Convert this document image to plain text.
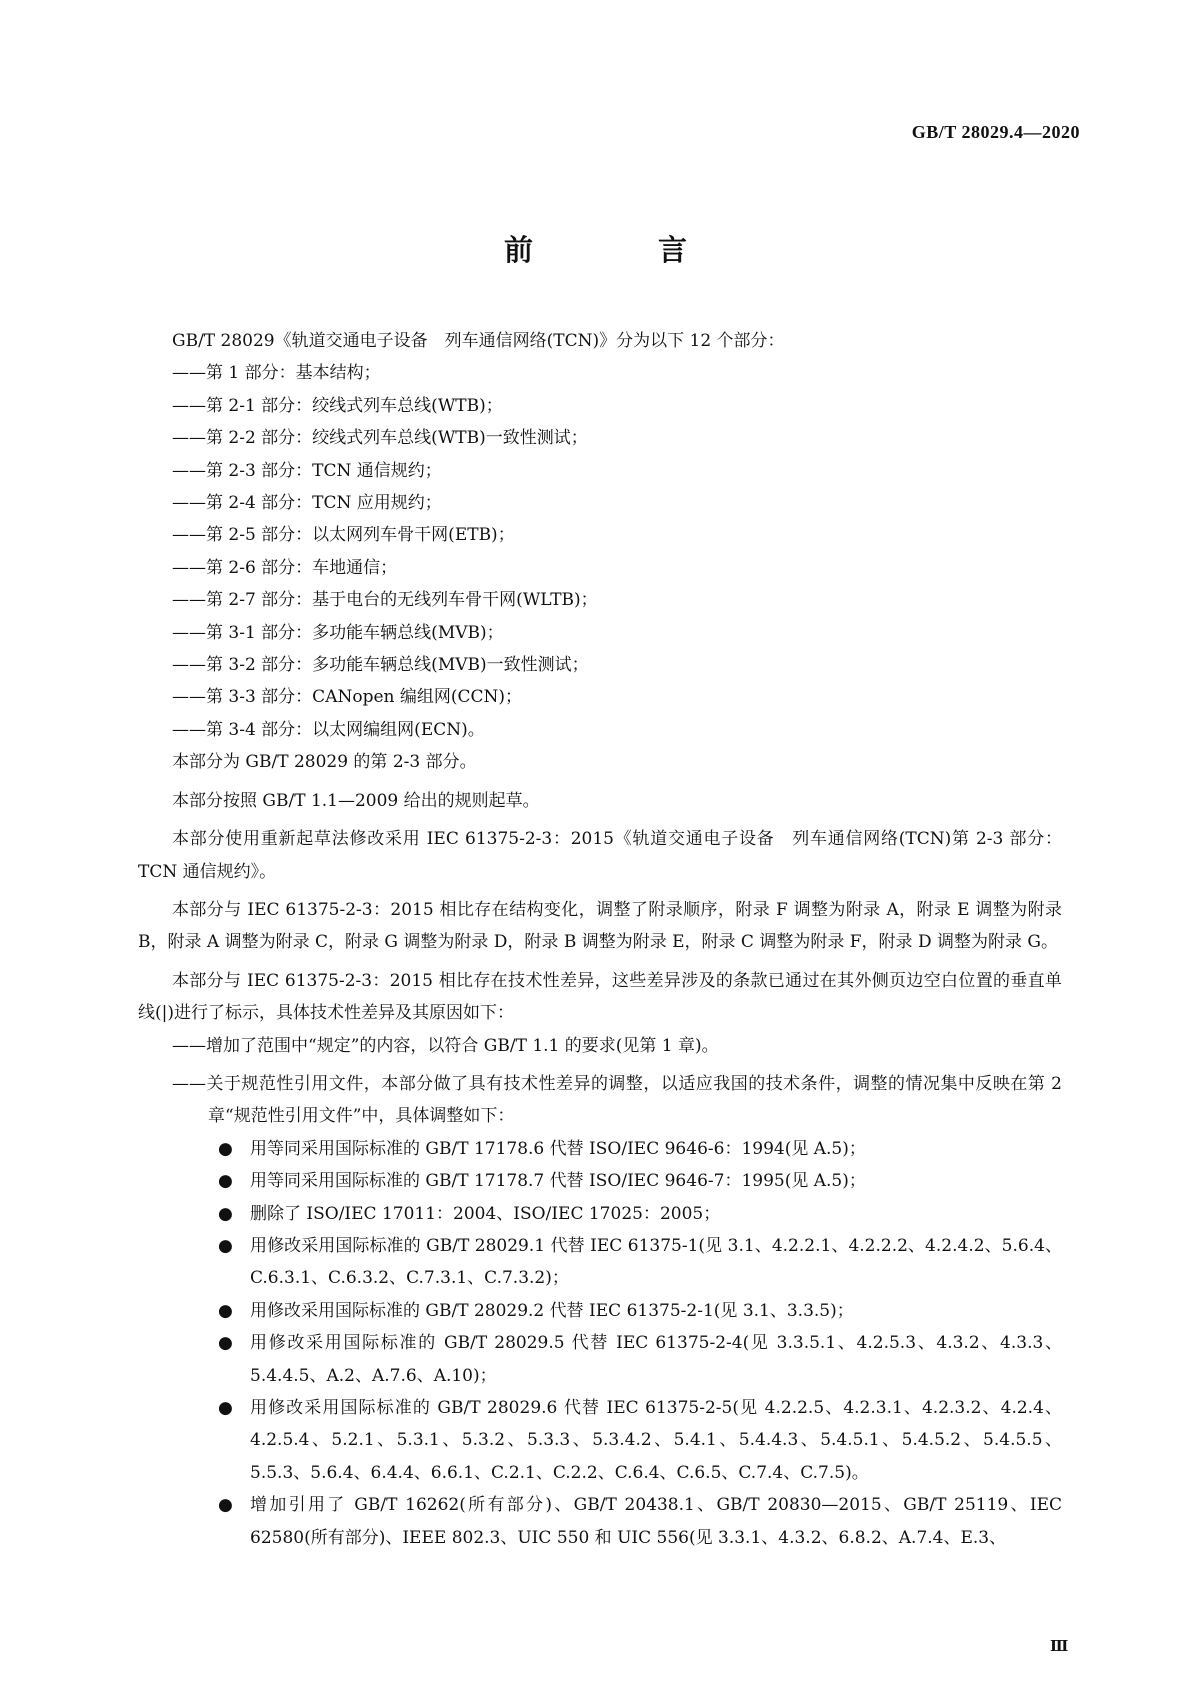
GB/T 28029.4—2020
前　言

GB/T 28029《轨道交通电子设备　列车通信网络(TCN)》分为以下 12 个部分：

——第 1 部分：基本结构；

——第 2-1 部分：绞线式列车总线(WTB)；

——第 2-2 部分：绞线式列车总线(WTB)一致性测试；

——第 2-3 部分：TCN 通信规约；

——第 2-4 部分：TCN 应用规约；

——第 2-5 部分：以太网列车骨干网(ETB)；

——第 2-6 部分：车地通信；

——第 2-7 部分：基于电台的无线列车骨干网(WLTB)；

——第 3-1 部分：多功能车辆总线(MVB)；

——第 3-2 部分：多功能车辆总线(MVB)一致性测试；

——第 3-3 部分：CANopen 编组网(CCN)；

——第 3-4 部分：以太网编组网(ECN)。

本部分为 GB/T 28029 的第 2-3 部分。

本部分按照 GB/T 1.1—2009 给出的规则起草。

本部分使用重新起草法修改采用 IEC 61375-2-3：2015《轨道交通电子设备　列车通信网络(TCN)第 2-3 部分：TCN 通信规约》。

本部分与 IEC 61375-2-3：2015 相比存在结构变化，调整了附录顺序，附录 F 调整为附录 A，附录 E 调整为附录 B，附录 A 调整为附录 C，附录 G 调整为附录 D，附录 B 调整为附录 E，附录 C 调整为附录 F，附录 D 调整为附录 G。

本部分与 IEC 61375-2-3：2015 相比存在技术性差异，这些差异涉及的条款已通过在其外侧页边空白位置的垂直单线(|)进行了标示，具体技术性差异及其原因如下：

——增加了范围中“规定”的内容，以符合 GB/T 1.1 的要求(见第 1 章)。

——关于规范性引用文件，本部分做了具有技术性差异的调整，以适应我国的技术条件，调整的情况集中反映在第 2 章“规范性引用文件”中，具体调整如下：

● 用等同采用国际标准的 GB/T 17178.6 代替 ISO/IEC 9646-6：1994(见 A.5)；
● 用等同采用国际标准的 GB/T 17178.7 代替 ISO/IEC 9646-7：1995(见 A.5)；
● 删除了 ISO/IEC 17011：2004、ISO/IEC 17025：2005；
● 用修改采用国际标准的 GB/T 28029.1 代替 IEC 61375-1(见 3.1、4.2.2.1、4.2.2.2、4.2.4.2、5.6.4、C.6.3.1、C.6.3.2、C.7.3.1、C.7.3.2)；
● 用修改采用国际标准的 GB/T 28029.2 代替 IEC 61375-2-1(见 3.1、3.3.5)；
● 用修改采用国际标准的 GB/T 28029.5 代替 IEC 61375-2-4(见 3.3.5.1、4.2.5.3、4.3.2、4.3.3、5.4.4.5、A.2、A.7.6、A.10)；
● 用修改采用国际标准的 GB/T 28029.6 代替 IEC 61375-2-5(见 4.2.2.5、4.2.3.1、4.2.3.2、4.2.4、4.2.5.4、5.2.1、5.3.1、5.3.2、5.3.3、5.3.4.2、5.4.1、5.4.4.3、5.4.5.1、5.4.5.2、5.4.5.5、5.5.3、5.6.4、6.4.4、6.6.1、C.2.1、C.2.2、C.6.4、C.6.5、C.7.4、C.7.5)。
● 增加引用了 GB/T 16262(所有部分)、GB/T 20438.1、GB/T 20830—2015、GB/T 25119、IEC 62580(所有部分)、IEEE 802.3、UIC 550 和 UIC 556(见 3.3.1、4.3.2、6.8.2、A.7.4、E.3、
Ⅲ
